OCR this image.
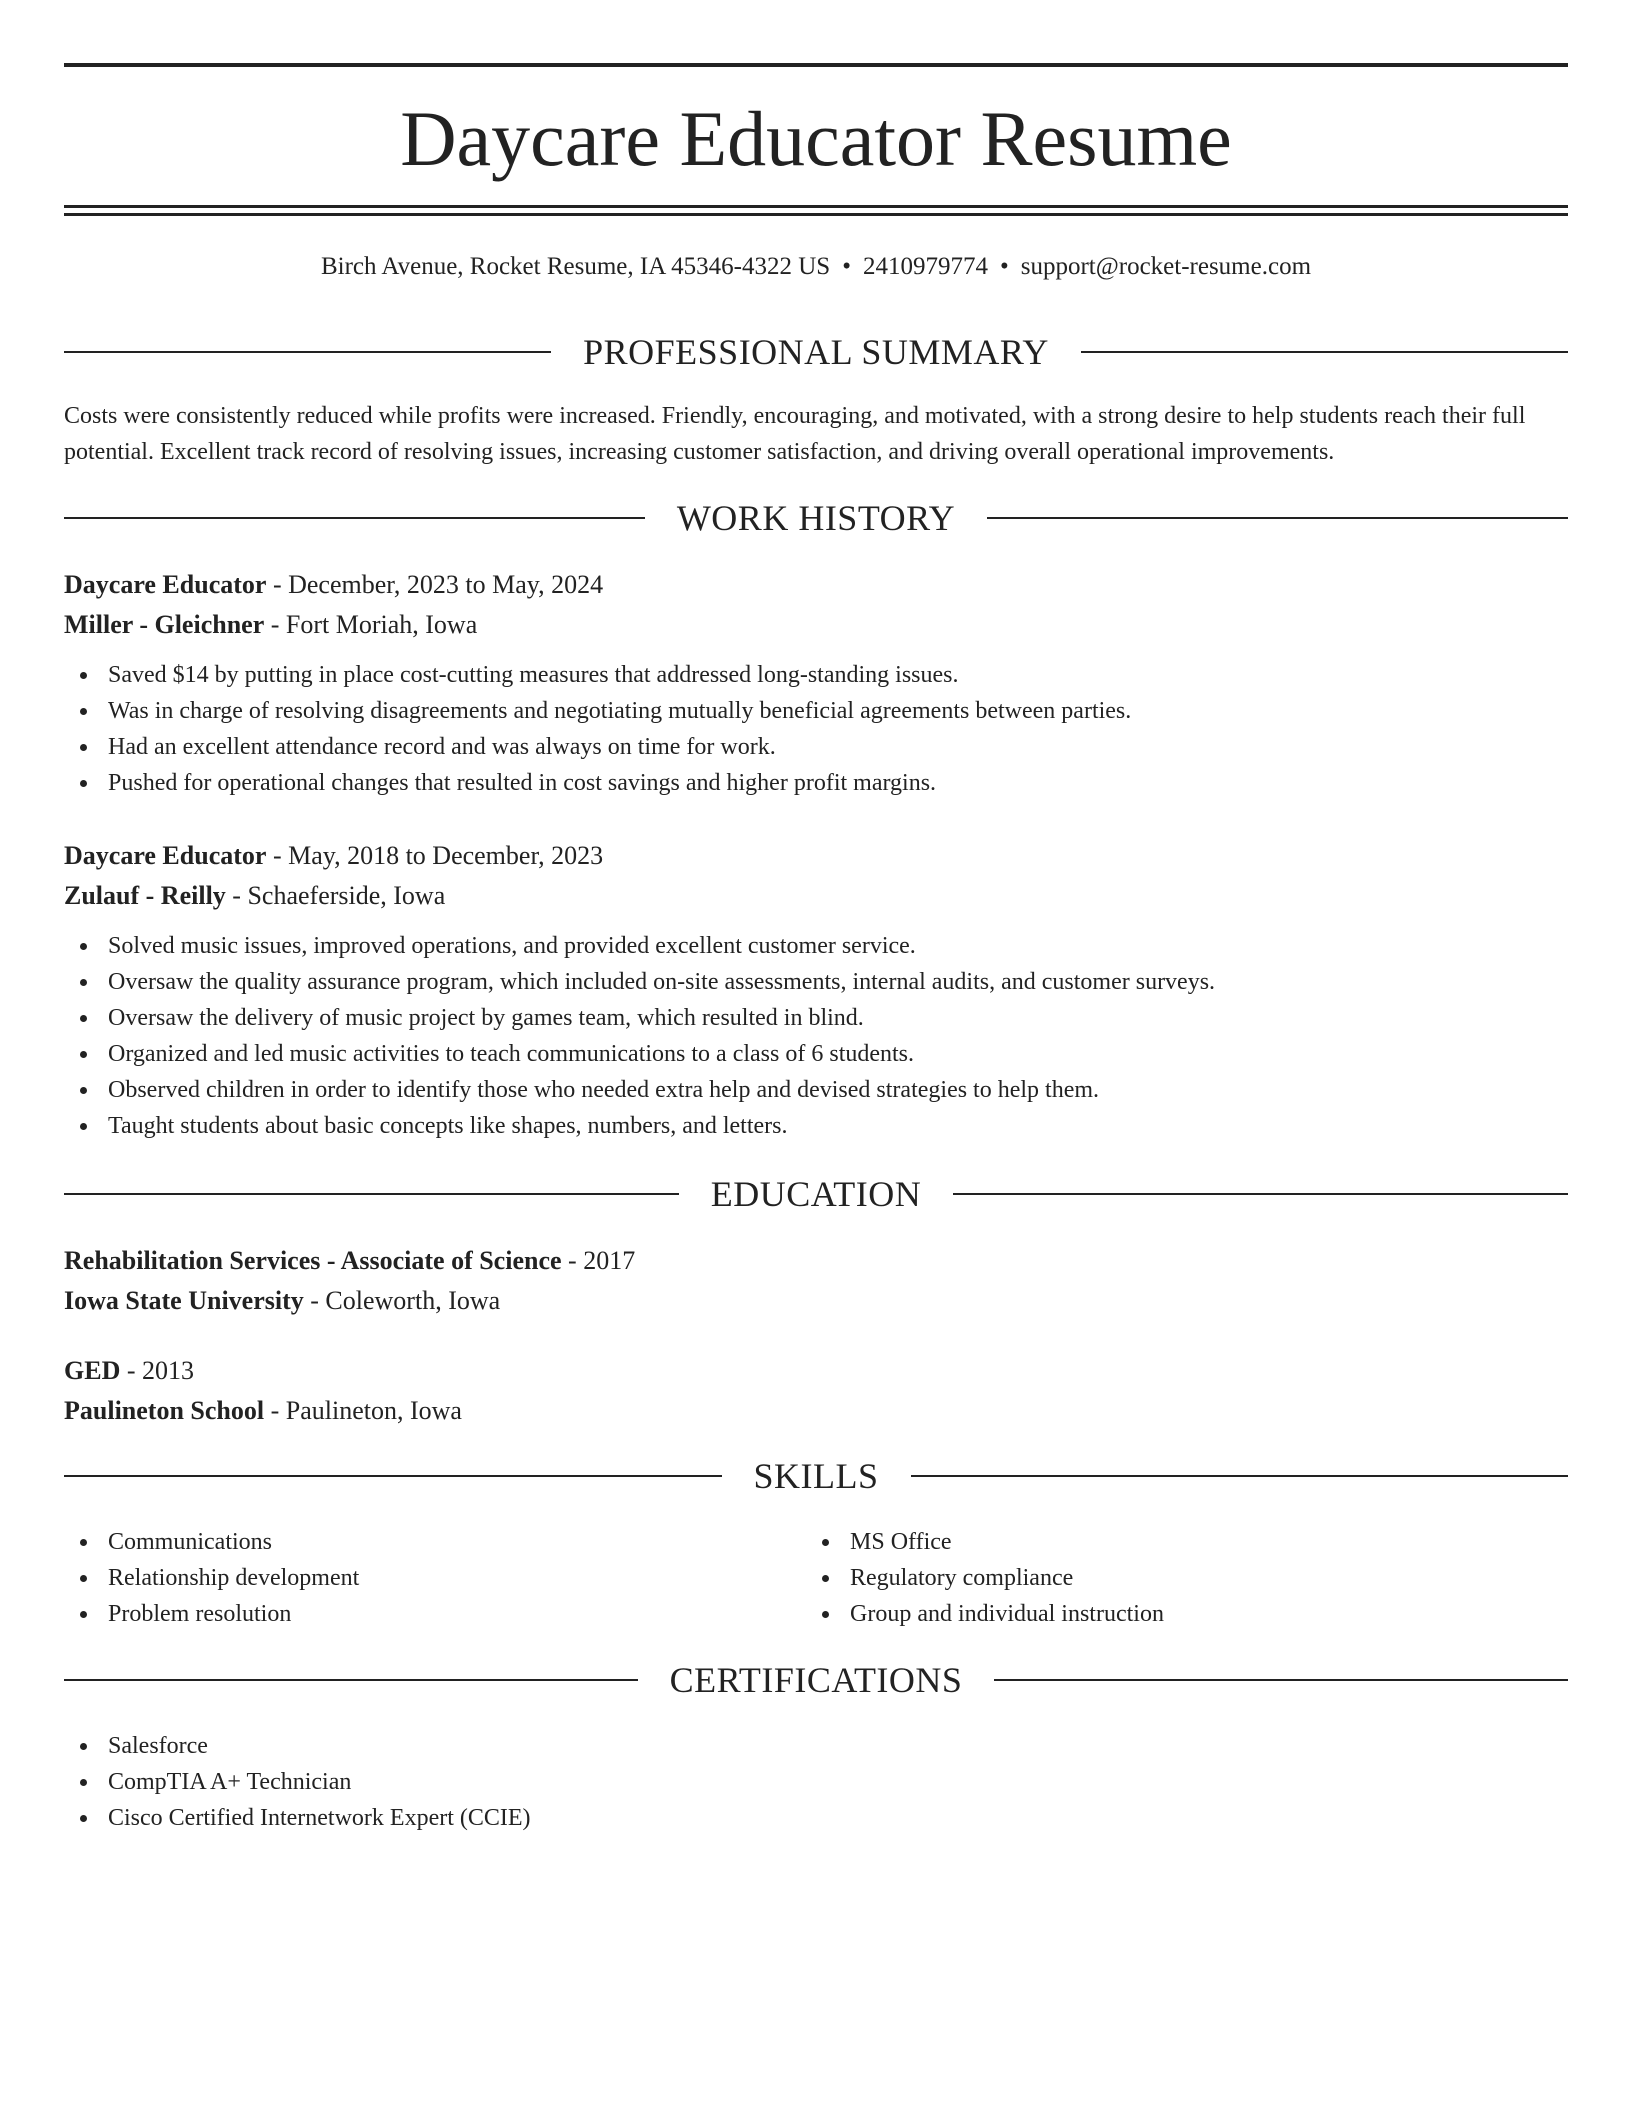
Daycare Educator Resume
Birch Avenue, Rocket Resume, IA 45346-4322 US • 2410979774 • support@rocket-resume.com
PROFESSIONAL SUMMARY
Costs were consistently reduced while profits were increased. Friendly, encouraging, and motivated, with a strong desire to help students reach their full potential. Excellent track record of resolving issues, increasing customer satisfaction, and driving overall operational improvements.
WORK HISTORY
Daycare Educator - December, 2023 to May, 2024
Miller - Gleichner - Fort Moriah, Iowa
Saved $14 by putting in place cost-cutting measures that addressed long-standing issues.
Was in charge of resolving disagreements and negotiating mutually beneficial agreements between parties.
Had an excellent attendance record and was always on time for work.
Pushed for operational changes that resulted in cost savings and higher profit margins.
Daycare Educator - May, 2018 to December, 2023
Zulauf - Reilly - Schaeferside, Iowa
Solved music issues, improved operations, and provided excellent customer service.
Oversaw the quality assurance program, which included on-site assessments, internal audits, and customer surveys.
Oversaw the delivery of music project by games team, which resulted in blind.
Organized and led music activities to teach communications to a class of 6 students.
Observed children in order to identify those who needed extra help and devised strategies to help them.
Taught students about basic concepts like shapes, numbers, and letters.
EDUCATION
Rehabilitation Services - Associate of Science - 2017
Iowa State University - Coleworth, Iowa
GED - 2013
Paulineton School - Paulineton, Iowa
SKILLS
Communications
Relationship development
Problem resolution
MS Office
Regulatory compliance
Group and individual instruction
CERTIFICATIONS
Salesforce
CompTIA A+ Technician
Cisco Certified Internetwork Expert (CCIE)
